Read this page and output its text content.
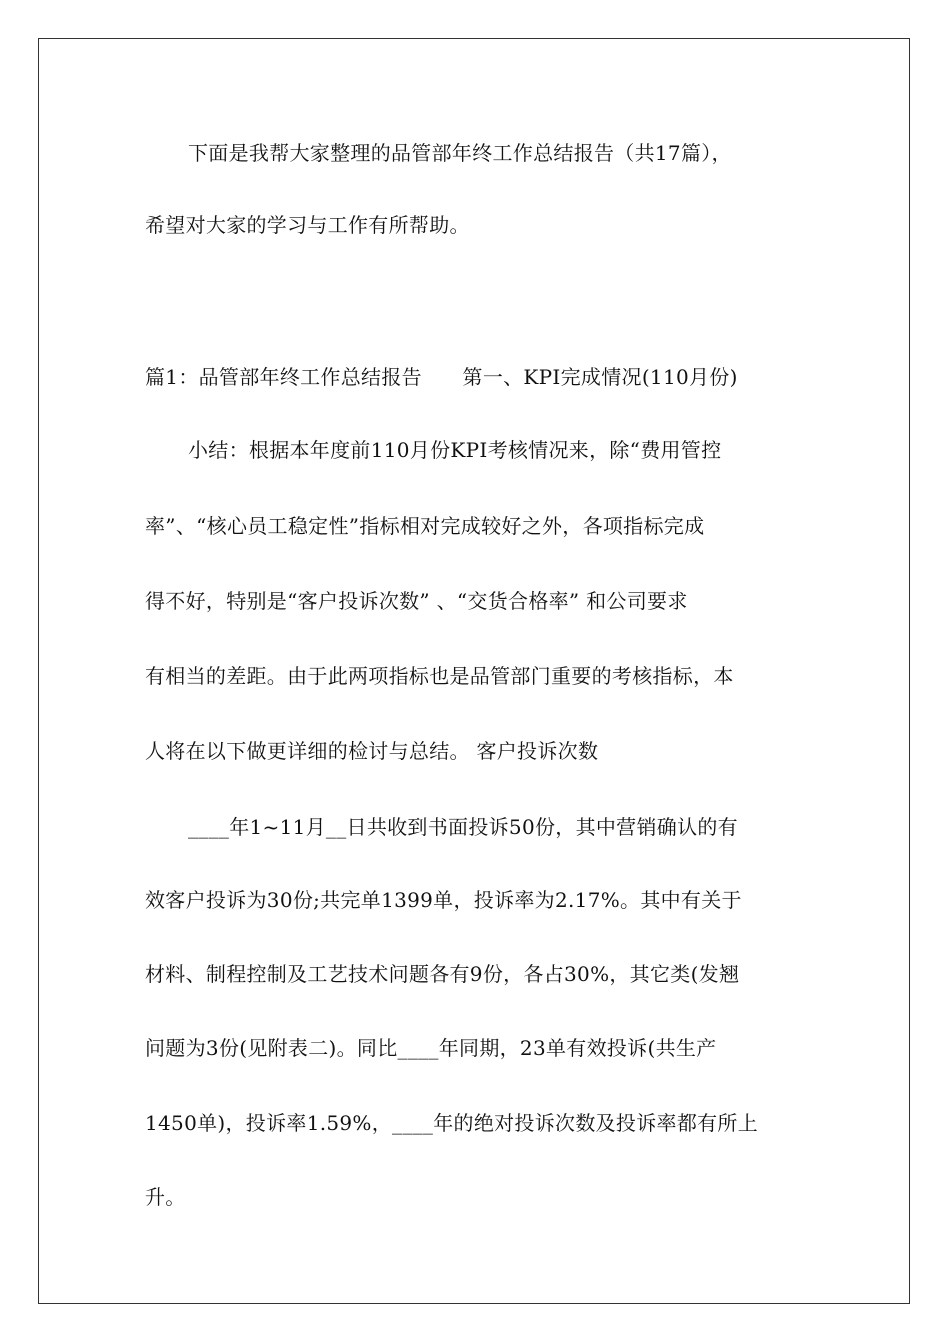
下面是我帮大家整理的品管部年终工作总结报告（共17篇），
希望对大家的学习与工作有所帮助。
篇1：品管部年终工作总结报告　　第一、KPI完成情况(110月份)
小结：根据本年度前110月份KPI考核情况来，除“费用管控
率”、“核心员工稳定性”指标相对完成较好之外，各项指标完成
得不好，特别是“客户投诉次数” 、“交货合格率” 和公司要求
有相当的差距。由于此两项指标也是品管部门重要的考核指标，本
人将在以下做更详细的检讨与总结。 客户投诉次数
____年1~11月__日共收到书面投诉50份，其中营销确认的有
效客户投诉为30份;共完单1399单，投诉率为2.17%。其中有关于
材料、制程控制及工艺技术问题各有9份，各占30%，其它类(发翘
问题为3份(见附表二)。同比____年同期，23单有效投诉(共生产
1450单)，投诉率1.59%，____年的绝对投诉次数及投诉率都有所上
升。
